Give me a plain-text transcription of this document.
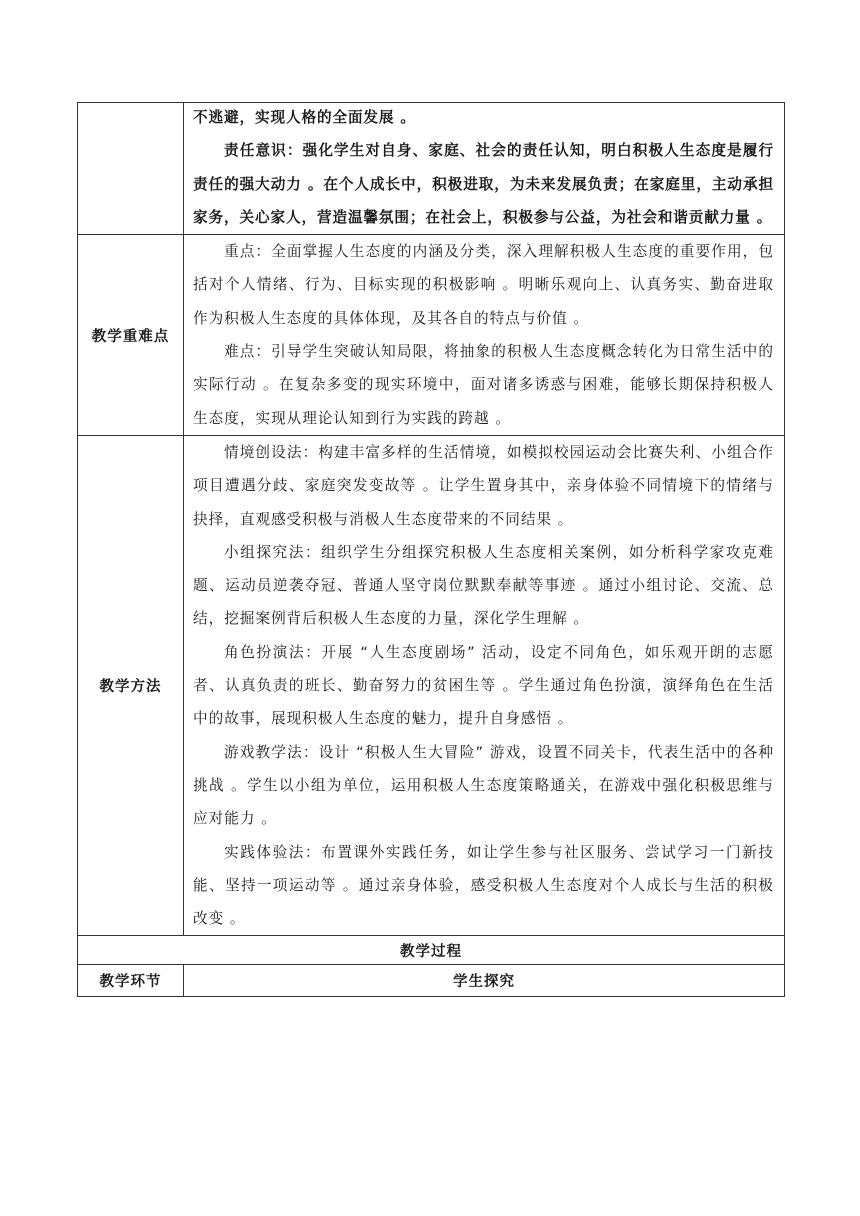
	不逃避，实现人格的全面发展 。

责任意识：强化学生对自身、家庭、社会的责任认知，明白积极人生态度是履行责任的强大动力 。在个人成长中，积极进取，为未来发展负责；在家庭里，主动承担家务，关心家人，营造温馨氛围；在社会上，积极参与公益，为社会和谐贡献力量 。

教学重难点	重点：全面掌握人生态度的内涵及分类，深入理解积极人生态度的重要作用，包括对个人情绪、行为、目标实现的积极影响 。明晰乐观向上、认真务实、勤奋进取作为积极人生态度的具体体现，及其各自的特点与价值 。

难点：引导学生突破认知局限，将抽象的积极人生态度概念转化为日常生活中的实际行动 。在复杂多变的现实环境中，面对诸多诱惑与困难，能够长期保持积极人生态度，实现从理论认知到行为实践的跨越 。

教学方法	情境创设法：构建丰富多样的生活情境，如模拟校园运动会比赛失利、小组合作项目遭遇分歧、家庭突发变故等 。让学生置身其中，亲身体验不同情境下的情绪与抉择，直观感受积极与消极人生态度带来的不同结果 。

小组探究法：组织学生分组探究积极人生态度相关案例，如分析科学家攻克难题、运动员逆袭夺冠、普通人坚守岗位默默奉献等事迹 。通过小组讨论、交流、总结，挖掘案例背后积极人生态度的力量，深化学生理解 。

角色扮演法：开展 “人生态度剧场” 活动，设定不同角色，如乐观开朗的志愿者、认真负责的班长、勤奋努力的贫困生等 。学生通过角色扮演，演绎角色在生活中的故事，展现积极人生态度的魅力，提升自身感悟 。

游戏教学法：设计 “积极人生大冒险” 游戏，设置不同关卡，代表生活中的各种挑战 。学生以小组为单位，运用积极人生态度策略通关，在游戏中强化积极思维与应对能力 。

实践体验法：布置课外实践任务，如让学生参与社区服务、尝试学习一门新技能、坚持一项运动等 。通过亲身体验，感受积极人生态度对个人成长与生活的积极改变 。

教学过程	
教学环节	学生探究
